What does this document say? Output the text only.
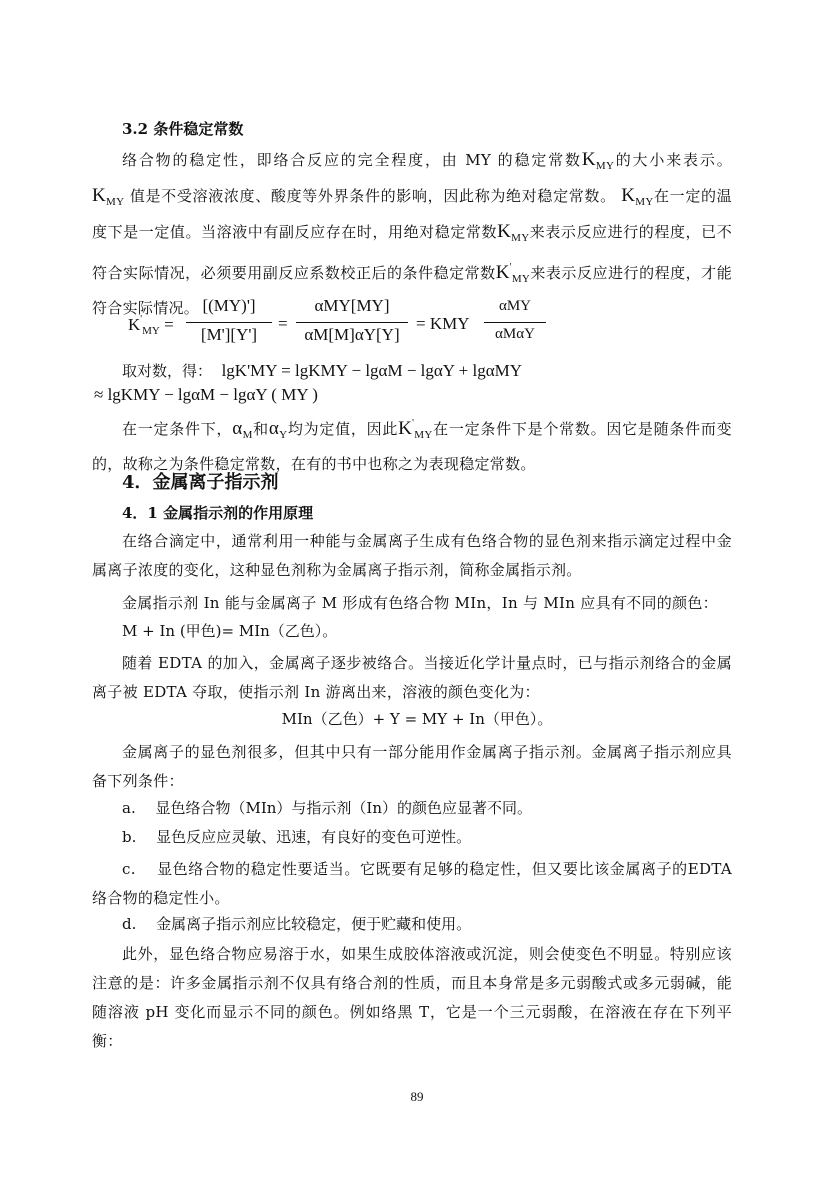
3.2 条件稳定常数
络合物的稳定性，即络合反应的完全程度，由 MY 的稳定常数$K_{MY}$的大小来表示。 $K_{MY}$ 值是不受溶液浓度、酸度等外界条件的影响，因此称为绝对稳定常数。 $K_{MY}$在一定的温度下是一定值。当溶液中有副反应存在时，用绝对稳定常数$K_{MY}$来表示反应进行的程度，已不符合实际情况，必须要用副反应系数校正后的条件稳定常数$K'_{MY}$来表示反应进行的程度，才能符合实际情况。
$K'_{MY}$ =
[(MY)']
[M'][Y']
=
αMY[MY]
αM[M]αY[Y]
= KMY
αMY
αMαY
取对数，得： lgK'MY = lgKMY − lgαM − lgαY + lgαMY
≈ lgKMY − lgαM − lgαY ( MY )
在一定条件下，$\alpha_M$和$\alpha_Y$均为定值，因此$K'_{MY}$在一定条件下是个常数。因它是随条件而变的，故称之为条件稳定常数，在有的书中也称之为表现稳定常数。
4．金属离子指示剂
4．1 金属指示剂的作用原理
在络合滴定中，通常利用一种能与金属离子生成有色络合物的显色剂来指示滴定过程中金属离子浓度的变化，这种显色剂称为金属离子指示剂，简称金属指示剂。
金属指示剂 In 能与金属离子 M 形成有色络合物 MIn，In 与 MIn 应具有不同的颜色：
M + In (甲色)= MIn（乙色）。
随着 EDTA 的加入，金属离子逐步被络合。当接近化学计量点时，已与指示剂络合的金属离子被 EDTA 夺取，使指示剂 In 游离出来，溶液的颜色变化为：
MIn（乙色）+ Y = MY + In（甲色）。
金属离子的显色剂很多，但其中只有一部分能用作金属离子指示剂。金属离子指示剂应具备下列条件：
a.　 显色络合物（MIn）与指示剂（In）的颜色应显著不同。
b.　 显色反应应灵敏、迅速，有良好的变色可逆性。
c.　 显色络合物的稳定性要适当。它既要有足够的稳定性，但又要比该金属离子的EDTA 络合物的稳定性小。
d.　 金属离子指示剂应比较稳定，便于贮藏和使用。
此外，显色络合物应易溶于水，如果生成胶体溶液或沉淀，则会使变色不明显。特别应该注意的是：许多金属指示剂不仅具有络合剂的性质，而且本身常是多元弱酸式或多元弱碱，能随溶液 pH 变化而显示不同的颜色。例如络黑 T，它是一个三元弱酸，在溶液在存在下列平衡：
89
